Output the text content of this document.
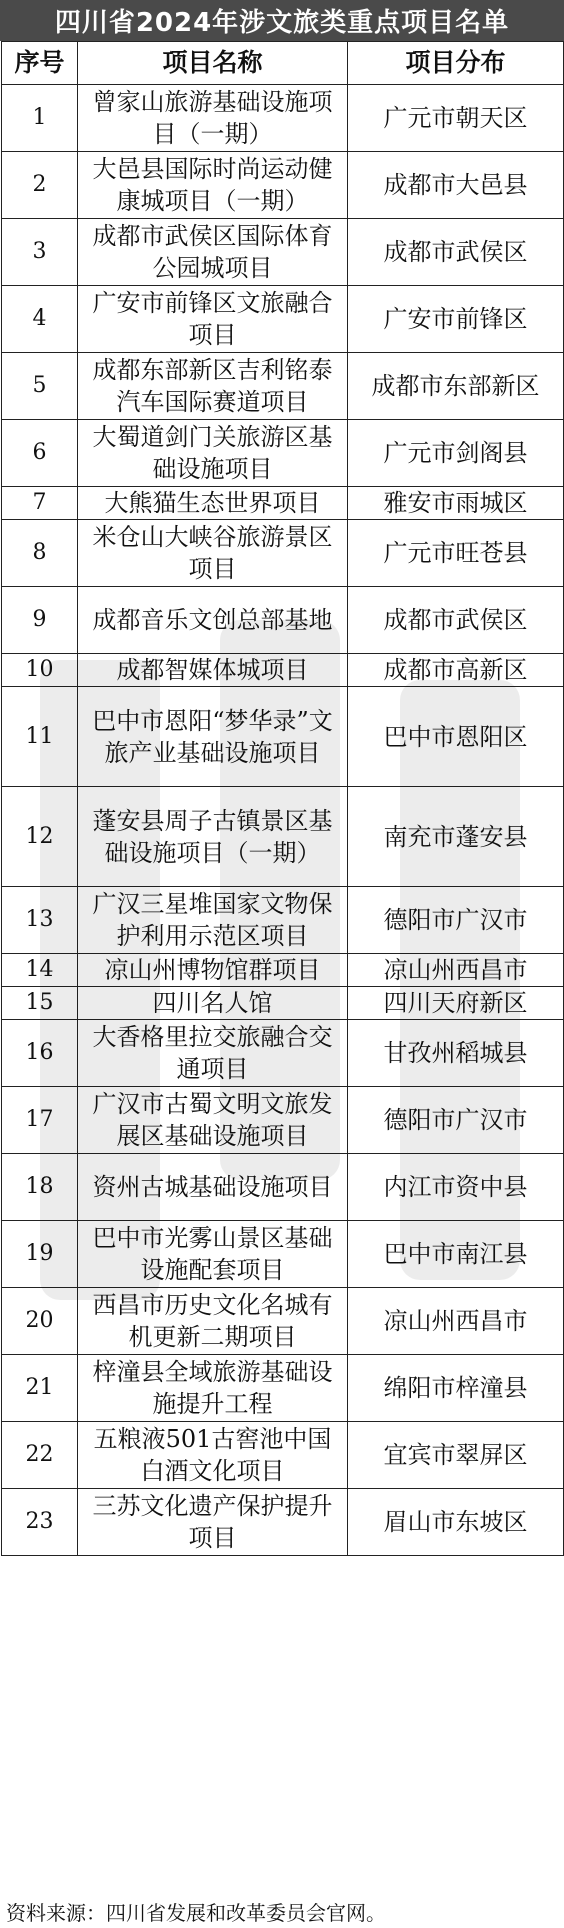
四川省2024年涉文旅类重点项目名单
序号	项目名称	项目分布
1	曾家山旅游基础设施项目（一期）	广元市朝天区
2	大邑县国际时尚运动健康城项目（一期）	成都市大邑县
3	成都市武侯区国际体育公园城项目	成都市武侯区
4	广安市前锋区文旅融合项目	广安市前锋区
5	成都东部新区吉利铭泰汽车国际赛道项目	成都市东部新区
6	大蜀道剑门关旅游区基础设施项目	广元市剑阁县
7	大熊猫生态世界项目	雅安市雨城区
8	米仓山大峡谷旅游景区项目	广元市旺苍县
9	成都音乐文创总部基地	成都市武侯区
10	成都智媒体城项目	成都市高新区
11	巴中市恩阳“梦华录”文旅产业基础设施项目	巴中市恩阳区
12	蓬安县周子古镇景区基础设施项目（一期）	南充市蓬安县
13	广汉三星堆国家文物保护利用示范区项目	德阳市广汉市
14	凉山州博物馆群项目	凉山州西昌市
15	四川名人馆	四川天府新区
16	大香格里拉交旅融合交通项目	甘孜州稻城县
17	广汉市古蜀文明文旅发展区基础设施项目	德阳市广汉市
18	资州古城基础设施项目	内江市资中县
19	巴中市光雾山景区基础设施配套项目	巴中市南江县
20	西昌市历史文化名城有机更新二期项目	凉山州西昌市
21	梓潼县全域旅游基础设施提升工程	绵阳市梓潼县
22	五粮液501古窖池中国白酒文化项目	宜宾市翠屏区
23	三苏文化遗产保护提升项目	眉山市东坡区
资料来源：四川省发展和改革委员会官网。
